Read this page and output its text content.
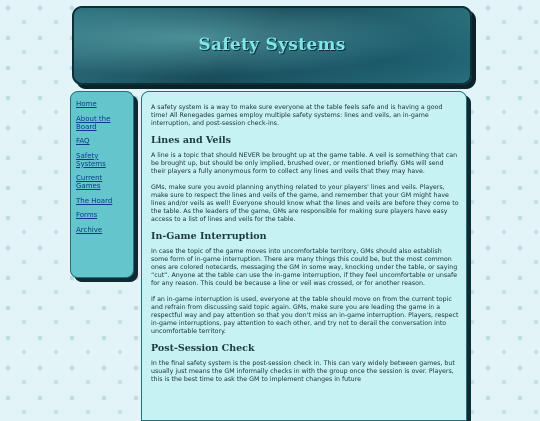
Safety Systems
Home
About the Board
FAQ
Safety Systems
Current Games
The Hoard
Forms
Archive

A safety system is a way to make sure everyone at the table feels safe and is having a good time! All Renegades games employ multiple safety systems: lines and veils, an in-game interruption, and post-session check-ins.

Lines and Veils

A line is a topic that should NEVER be brought up at the game table. A veil is something that can be brought up, but should be only implied, brushed over, or mentioned briefly. GMs will send their players a fully anonymous form to collect any lines and veils that they may have.

GMs, make sure you avoid planning anything related to your players' lines and veils. Players, make sure to respect the lines and veils of the game, and remember that your GM might have lines and/or veils as well! Everyone should know what the lines and veils are before they come to the table. As the leaders of the game, GMs are responsible for making sure players have easy access to a list of lines and veils for the table.

In-Game Interruption

In case the topic of the game moves into uncomfortable territory, GMs should also establish some form of in-game interruption. There are many things this could be, but the most common ones are colored notecards, messaging the GM in some way, knocking under the table, or saying “cut”. Anyone at the table can use the in-game interruption, if they feel uncomfortable or unsafe for any reason. This could be because a line or veil was crossed, or for another reason.

If an in-game interruption is used, everyone at the table should move on from the current topic and refrain from discussing said topic again. GMs, make sure you are leading the game in a respectful way and pay attention so that you don't miss an in-game interruption. Players, respect in-game interruptions, pay attention to each other, and try not to derail the conversation into uncomfortable territory.

Post-Session Check

In the final safety system is the post-session check in. This can vary widely between games, but usually just means the GM informally checks in with the group once the session is over. Players, this is the best time to ask the GM to implement changes in future
